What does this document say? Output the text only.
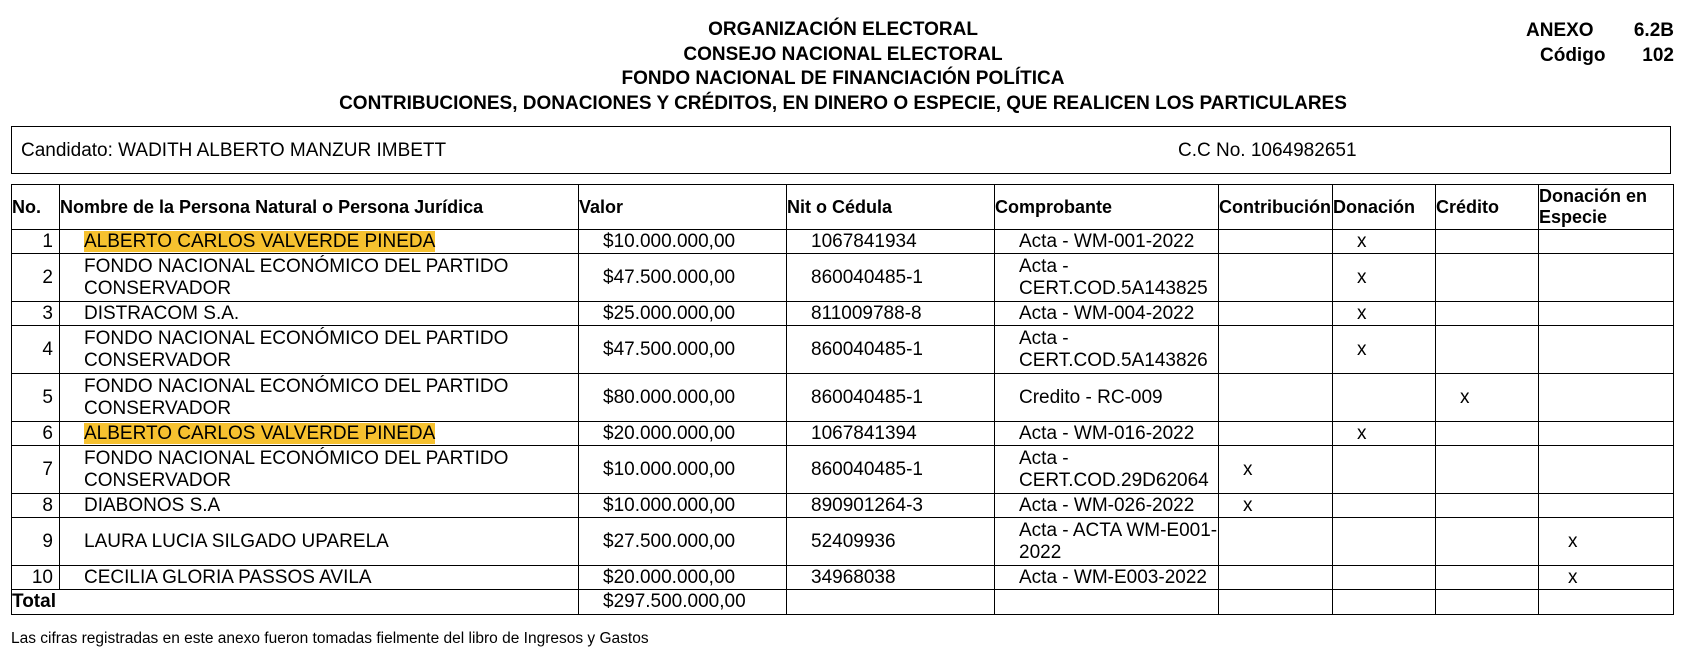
ORGANIZACIÓN ELECTORAL
CONSEJO NACIONAL ELECTORAL
FONDO NACIONAL DE FINANCIACIÓN POLÍTICA
CONTRIBUCIONES, DONACIONES Y CRÉDITOS, EN DINERO O ESPECIE, QUE REALICEN LOS PARTICULARES
ANEXO 6.2B
Código 102
Candidato: WADITH ALBERTO MANZUR IMBETT	C.C No. 1064982651
No.	Nombre de la Persona Natural o Persona Jurídica	Valor	Nit o Cédula	Comprobante	Contribución	Donación	Crédito	Donación en Especie
1	ALBERTO CARLOS VALVERDE PINEDA	$10.000.000,00	1067841934	Acta - WM-001-2022		x		
2	FONDO NACIONAL ECONÓMICO DEL PARTIDO CONSERVADOR	$47.500.000,00	860040485-1	Acta - CERT.COD.5A143825		x		
3	DISTRACOM S.A.	$25.000.000,00	811009788-8	Acta - WM-004-2022		x		
4	FONDO NACIONAL ECONÓMICO DEL PARTIDO CONSERVADOR	$47.500.000,00	860040485-1	Acta - CERT.COD.5A143826		x		
5	FONDO NACIONAL ECONÓMICO DEL PARTIDO CONSERVADOR	$80.000.000,00	860040485-1	Credito - RC-009			x	
6	ALBERTO CARLOS VALVERDE PINEDA	$20.000.000,00	1067841394	Acta - WM-016-2022		x		
7	FONDO NACIONAL ECONÓMICO DEL PARTIDO CONSERVADOR	$10.000.000,00	860040485-1	Acta - CERT.COD.29D62064	x			
8	DIABONOS S.A	$10.000.000,00	890901264-3	Acta - WM-026-2022	x			
9	LAURA LUCIA SILGADO UPARELA	$27.500.000,00	52409936	Acta - ACTA WM-E001-2022				x
10	CECILIA GLORIA PASSOS AVILA	$20.000.000,00	34968038	Acta - WM-E003-2022				x
Total		$297.500.000,00						
Las cifras registradas en este anexo fueron tomadas fielmente del libro de Ingresos y Gastos
